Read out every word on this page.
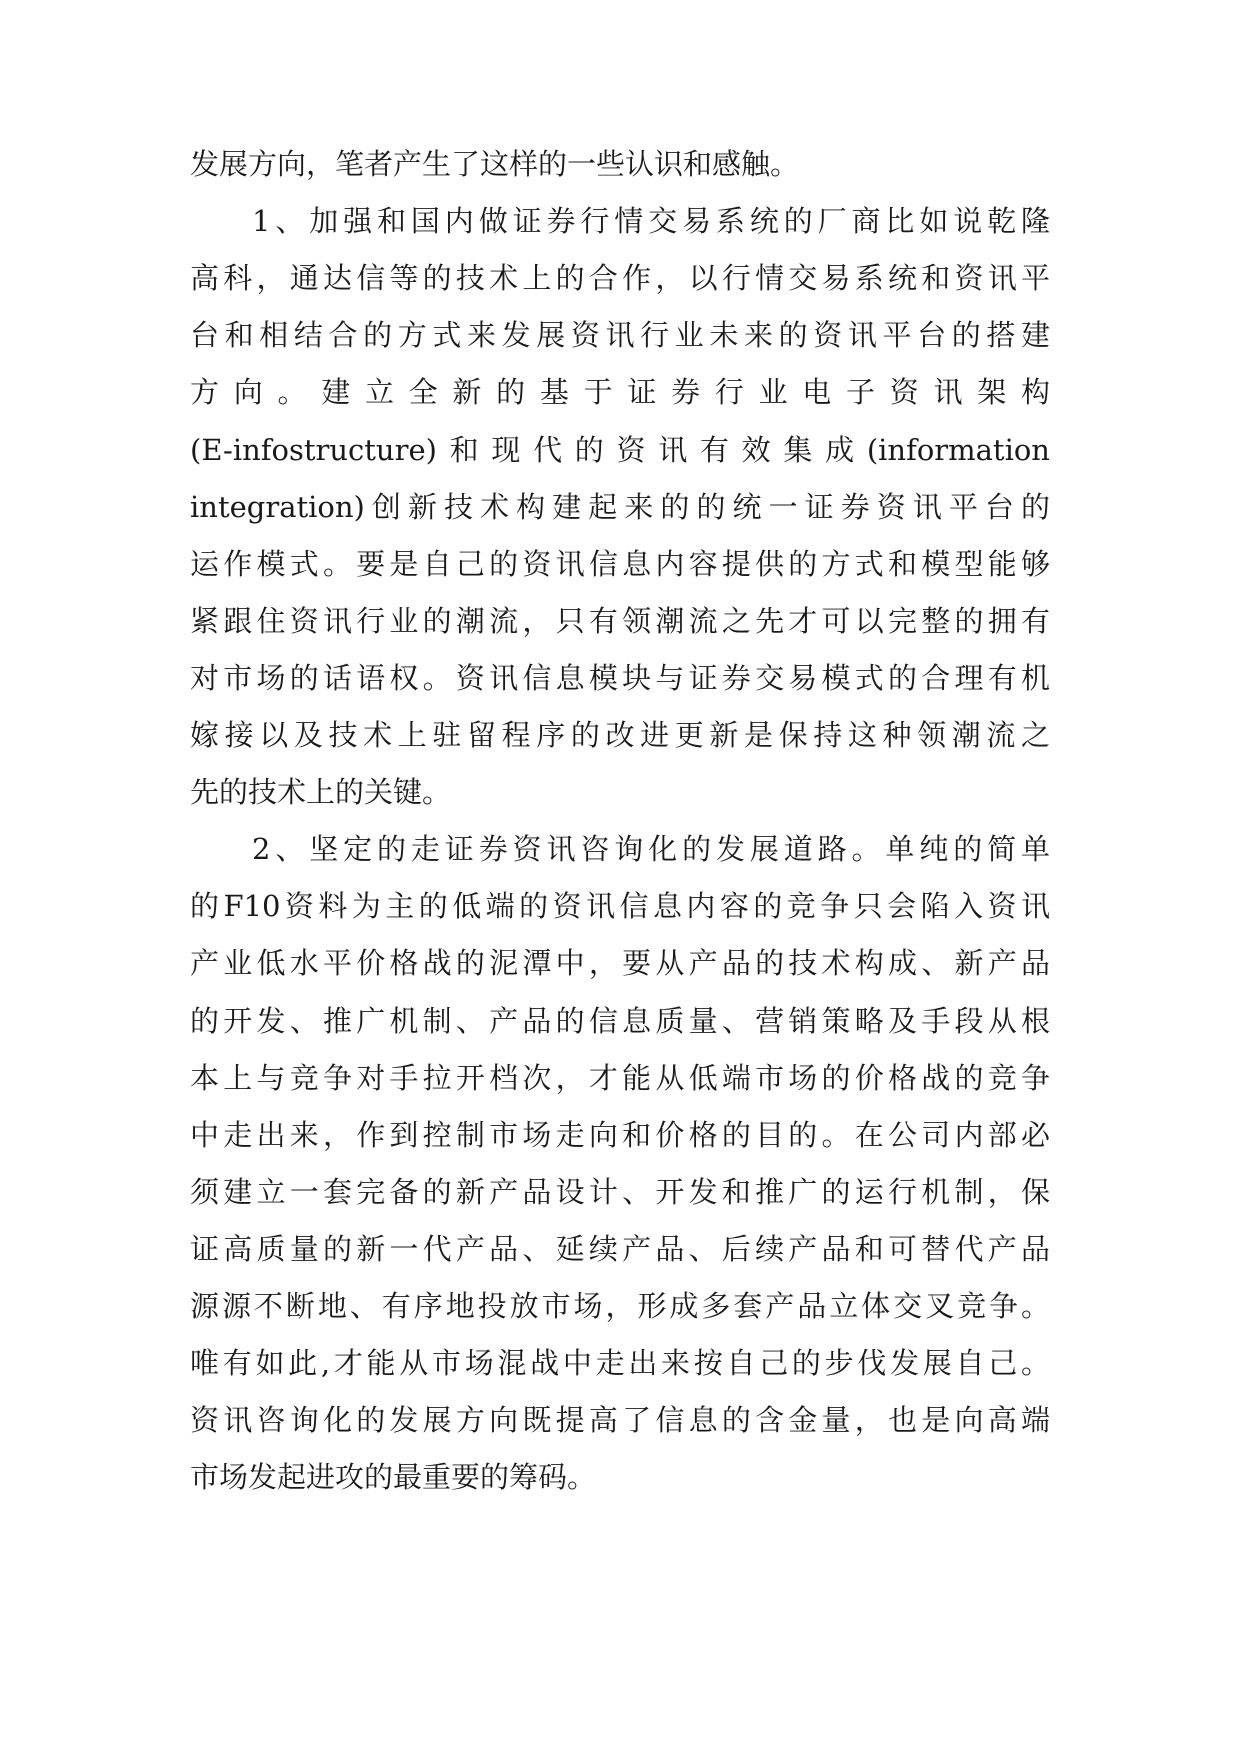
发展方向，笔者产生了这样的一些认识和感触。
1、加强和国内做证券行情交易系统的厂商比如说乾隆
高科，通达信等的技术上的合作，以行情交易系统和资讯平
台和相结合的方式来发展资讯行业未来的资讯平台的搭建
方 向 。 建 立 全 新 的 基 于 证 券 行 业 电 子 资 讯 架 构
(E-infostructure)和现代的资讯有效集成(information
integration)创新技术构建起来的的统一证券资讯平台的
运作模式。要是自己的资讯信息内容提供的方式和模型能够
紧跟住资讯行业的潮流，只有领潮流之先才可以完整的拥有
对市场的话语权。资讯信息模块与证券交易模式的合理有机
嫁接以及技术上驻留程序的改进更新是保持这种领潮流之
先的技术上的关键。
2、坚定的走证券资讯咨询化的发展道路。单纯的简单
的F10资料为主的低端的资讯信息内容的竞争只会陷入资讯
产业低水平价格战的泥潭中，要从产品的技术构成、新产品
的开发、推广机制、产品的信息质量、营销策略及手段从根
本上与竞争对手拉开档次，才能从低端市场的价格战的竞争
中走出来，作到控制市场走向和价格的目的。在公司内部必
须建立一套完备的新产品设计、开发和推广的运行机制，保
证高质量的新一代产品、延续产品、后续产品和可替代产品
源源不断地、有序地投放市场，形成多套产品立体交叉竞争。
唯有如此,才能从市场混战中走出来按自己的步伐发展自己。
资讯咨询化的发展方向既提高了信息的含金量，也是向高端
市场发起进攻的最重要的筹码。
